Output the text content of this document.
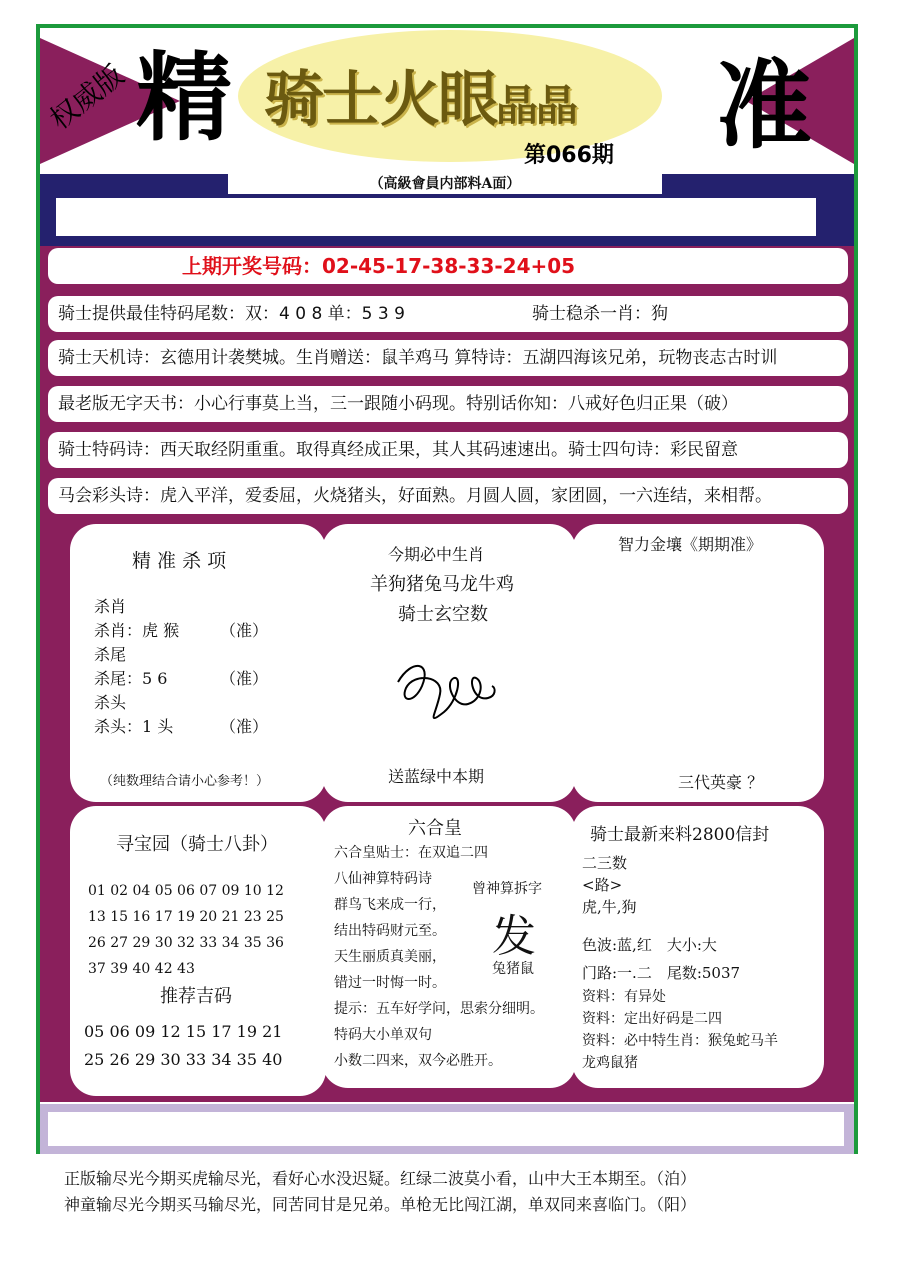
权威版 精 骑士火眼晶晶
第066期 准
（高級會員内部料A面）
上期开奖号码：02-45-17-38-33-24+05
骑士提供最佳特码尾数：双：4 0 8 单：5 3 9	骑士稳杀一肖：狗
骑士天机诗：玄德用计袭樊城。生肖赠送：鼠羊鸡马 算特诗：五湖四海该兄弟，玩物丧志古时训
最老版无字天书：小心行事莫上当，三一跟随小码现。特别话你知：八戒好色归正果（破）
骑士特码诗：西天取经阴重重。取得真经成正果，其人其码速速出。骑士四句诗：彩民留意
马会彩头诗：虎入平洋，爱委屈，火烧猪头，好面熟。月圆人圆，家团圆，一六连结，来相帮。
精 准 杀 项
杀肖
杀肖：虎 猴	（准）
杀尾
杀尾：5 6	（准）
杀头
杀头：1 头	（准）
（纯数理结合请小心参考！）
今期必中生肖
羊狗猪兔马龙牛鸡
骑士玄空数
送蓝绿中本期
智力金壤《期期准》
三代英豪 ？
寻宝园（骑士八卦）
推荐吉码
01 02 04 05 06 07 09 10 12
13 15 16 17 19 20 21 23 25
26 27 29 30 32 33 34 35 36
37 39 40 42 43
05 06 09 12 15 17 19 21
25 26 29 30 33 34 35 40
六合皇
六合皇贴士：在双追二四
八仙神算特码诗
群鸟飞来成一行，
结出特码财元至。
天生丽质真美丽，
错过一时悔一时。
提示：五车好学问，思索分细明。
特码大小单双句
小数二四来，双今必胜开。
曾神算拆字
发
兔猪鼠
骑士最新来料2800信封
二三数
<路>
虎,牛,狗
色波:蓝,红　大小:大
门路:一.二　尾数:5037
资料：有异处
资料：定出好码是二四
资料：必中特生肖：猴兔蛇马羊
龙鸡鼠猪
正版输尽光今期买虎输尽光，看好心水没迟疑。红绿二波莫小看，山中大王本期至。（泊）
神童输尽光今期买马输尽光，同苦同甘是兄弟。单枪无比闯江湖，单双同来喜临门。（阳）
